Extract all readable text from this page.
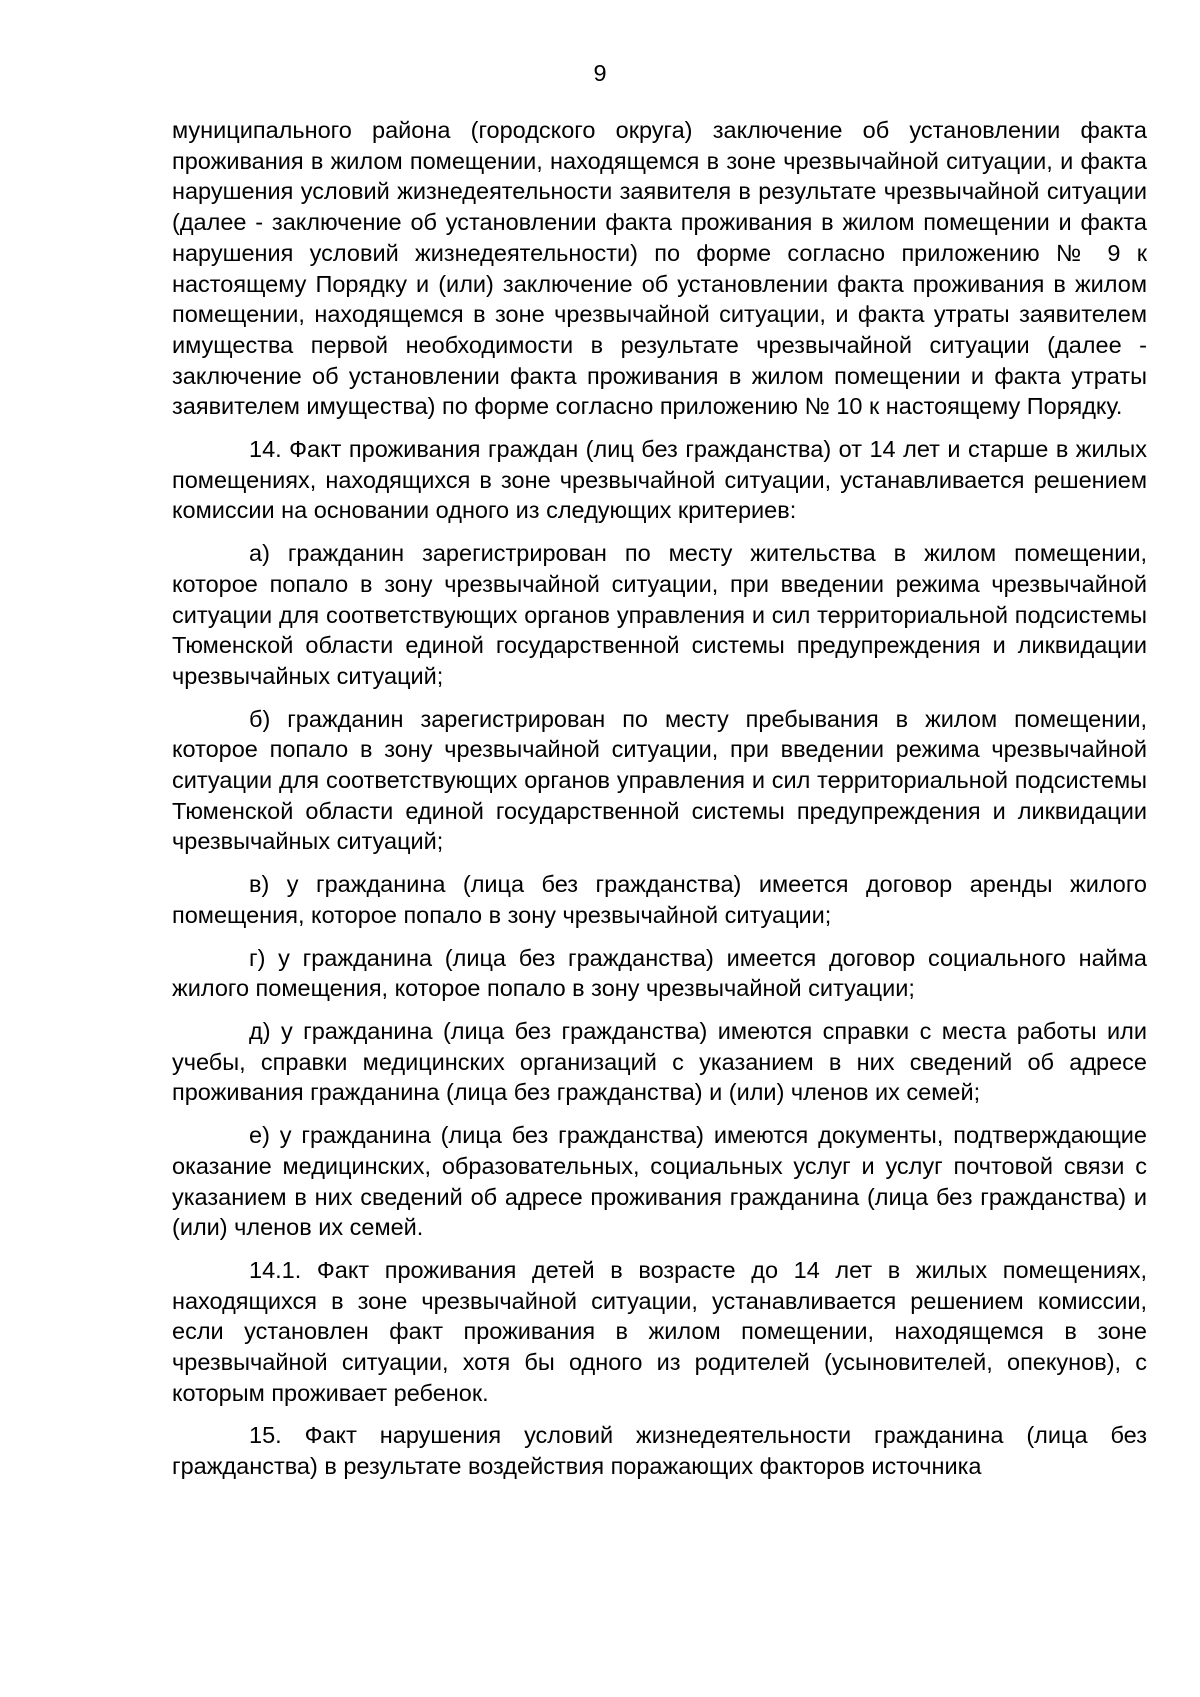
9

муниципального района (городского округа) заключение об установлении факта проживания в жилом помещении, находящемся в зоне чрезвычайной ситуации, и факта нарушения условий жизнедеятельности заявителя в результате чрезвычайной ситуации (далее - заключение об установлении факта проживания в жилом помещении и факта нарушения условий жизнедеятельности) по форме согласно приложению № 9 к настоящему Порядку и (или) заключение об установлении факта проживания в жилом помещении, находящемся в зоне чрезвычайной ситуации, и факта утраты заявителем имущества первой необходимости в результате чрезвычайной ситуации (далее - заключение об установлении факта проживания в жилом помещении и факта утраты заявителем имущества) по форме согласно приложению № 10 к настоящему Порядку.

14. Факт проживания граждан (лиц без гражданства) от 14 лет и старше в жилых помещениях, находящихся в зоне чрезвычайной ситуации, устанавливается решением комиссии на основании одного из следующих критериев:

а) гражданин зарегистрирован по месту жительства в жилом помещении, которое попало в зону чрезвычайной ситуации, при введении режима чрезвычайной ситуации для соответствующих органов управления и сил территориальной подсистемы Тюменской области единой государственной системы предупреждения и ликвидации чрезвычайных ситуаций;

б) гражданин зарегистрирован по месту пребывания в жилом помещении, которое попало в зону чрезвычайной ситуации, при введении режима чрезвычайной ситуации для соответствующих органов управления и сил территориальной подсистемы Тюменской области единой государственной системы предупреждения и ликвидации чрезвычайных ситуаций;

в) у гражданина (лица без гражданства) имеется договор аренды жилого помещения, которое попало в зону чрезвычайной ситуации;

г) у гражданина (лица без гражданства) имеется договор социального найма жилого помещения, которое попало в зону чрезвычайной ситуации;

д) у гражданина (лица без гражданства) имеются справки с места работы или учебы, справки медицинских организаций с указанием в них сведений об адресе проживания гражданина (лица без гражданства) и (или) членов их семей;

е) у гражданина (лица без гражданства) имеются документы, подтверждающие оказание медицинских, образовательных, социальных услуг и услуг почтовой связи с указанием в них сведений об адресе проживания гражданина (лица без гражданства) и (или) членов их семей.

14.1. Факт проживания детей в возрасте до 14 лет в жилых помещениях, находящихся в зоне чрезвычайной ситуации, устанавливается решением комиссии, если установлен факт проживания в жилом помещении, находящемся в зоне чрезвычайной ситуации, хотя бы одного из родителей (усыновителей, опекунов), с которым проживает ребенок.

15. Факт нарушения условий жизнедеятельности гражданина (лица без гражданства) в результате воздействия поражающих факторов источника
